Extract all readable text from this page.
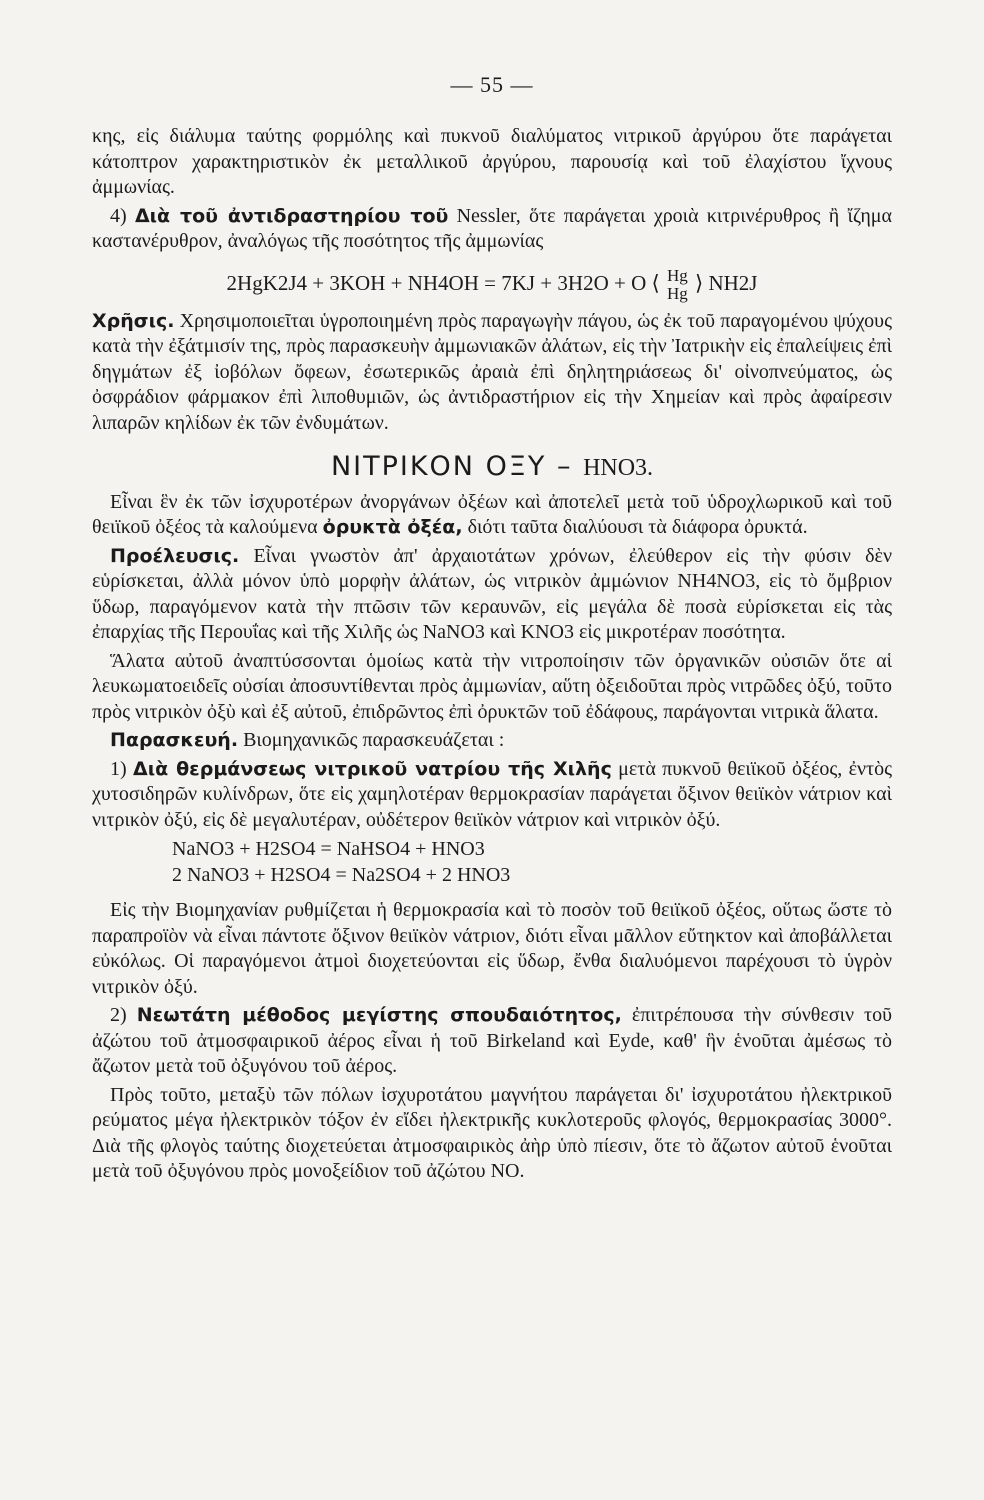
— 55 —

κης, εἰς διάλυμα ταύτης φορμόλης καὶ πυκνοῦ διαλύματος νιτρικοῦ ἀργύρου ὅτε παράγεται κάτοπτρον χαρακτηριστικὸν ἐκ μεταλλικοῦ ἀργύρου, παρουσίᾳ καὶ τοῦ ἐλαχίστου ἴχνους ἀμμωνίας.

4) Διὰ τοῦ ἀντιδραστηρίου τοῦ Nessler, ὅτε παράγεται χροιὰ κιτρινέρυθρος ἢ ἴζημα καστανέρυθρον, ἀναλόγως τῆς ποσότητος τῆς ἀμμωνίας

2HgK2J4 + 3KOH + NH4OH = 7KJ + 3H2O + O ⟨ Hg
Hg ⟩ NH2J

Χρῆσις. Χρησιμοποιεῖται ὑγροποιημένη πρὸς παραγωγὴν πάγου, ὡς ἐκ τοῦ παραγομένου ψύχους κατὰ τὴν ἐξάτμισίν της, πρὸς παρασκευὴν ἀμμωνιακῶν ἀλάτων, εἰς τὴν Ἰατρικὴν εἰς ἐπαλείψεις ἐπὶ δηγμάτων ἐξ ἰοβόλων ὄφεων, ἐσωτερικῶς ἀραιὰ ἐπὶ δηλητηριάσεως δι' οἰνοπνεύματος, ὡς ὀσφράδιον φάρμακον ἐπὶ λιποθυμιῶν, ὡς ἀντιδραστήριον εἰς τὴν Χημείαν καὶ πρὸς ἀφαίρεσιν λιπαρῶν κηλίδων ἐκ τῶν ἐνδυμάτων.

ΝΙΤΡΙΚΟΝ ΟΞΥ – HNO3.

Εἶναι ἓν ἐκ τῶν ἰσχυροτέρων ἀνοργάνων ὀξέων καὶ ἀποτελεῖ μετὰ τοῦ ὑδροχλωρικοῦ καὶ τοῦ θειϊκοῦ ὀξέος τὰ καλούμενα ὀρυκτὰ ὀξέα, διότι ταῦτα διαλύουσι τὰ διάφορα ὀρυκτά.

Προέλευσις. Εἶναι γνωστὸν ἀπ' ἀρχαιοτάτων χρόνων, ἐλεύθερον εἰς τὴν φύσιν δὲν εὑρίσκεται, ἀλλὰ μόνον ὑπὸ μορφὴν ἀλάτων, ὡς νιτρικὸν ἀμμώνιον NH4NO3, εἰς τὸ ὄμβριον ὕδωρ, παραγόμενον κατὰ τὴν πτῶσιν τῶν κεραυνῶν, εἰς μεγάλα δὲ ποσὰ εὑρίσκεται εἰς τὰς ἐπαρχίας τῆς Περουΐας καὶ τῆς Χιλῆς ὡς NaNO3 καὶ KNO3 εἰς μικροτέραν ποσότητα.

Ἅλατα αὐτοῦ ἀναπτύσσονται ὁμοίως κατὰ τὴν νιτροποίησιν τῶν ὀργανικῶν οὐσιῶν ὅτε αἱ λευκωματοειδεῖς οὐσίαι ἀποσυντίθενται πρὸς ἀμμωνίαν, αὕτη ὀξειδοῦται πρὸς νιτρῶδες ὀξύ, τοῦτο πρὸς νιτρικὸν ὀξὺ καὶ ἐξ αὐτοῦ, ἐπιδρῶντος ἐπὶ ὀρυκτῶν τοῦ ἐδάφους, παράγονται νιτρικὰ ἅλατα.

Παρασκευή. Βιομηχανικῶς παρασκευάζεται :

1) Διὰ θερμάνσεως νιτρικοῦ νατρίου τῆς Χιλῆς μετὰ πυκνοῦ θειϊκοῦ ὀξέος, ἐντὸς χυτοσιδηρῶν κυλίνδρων, ὅτε εἰς χαμηλοτέραν θερμοκρασίαν παράγεται ὄξινον θειϊκὸν νάτριον καὶ νιτρικὸν ὀξύ, εἰς δὲ μεγαλυτέραν, οὐδέτερον θειϊκὸν νάτριον καὶ νιτρικὸν ὀξύ.

NaNO3 + H2SO4 = NaHSO4 + HNO3
2 NaNO3 + H2SO4 = Na2SO4 + 2 HNO3

Εἰς τὴν Βιομηχανίαν ρυθμίζεται ἡ θερμοκρασία καὶ τὸ ποσὸν τοῦ θειϊκοῦ ὀξέος, οὕτως ὥστε τὸ παραπροϊὸν νὰ εἶναι πάντοτε ὄξινον θειϊκὸν νάτριον, διότι εἶναι μᾶλλον εὔτηκτον καὶ ἀποβάλλεται εὐκόλως. Οἱ παραγόμενοι ἀτμοὶ διοχετεύονται εἰς ὕδωρ, ἔνθα διαλυόμενοι παρέχουσι τὸ ὑγρὸν νιτρικὸν ὀξύ.

2) Νεωτάτη μέθοδος μεγίστης σπουδαιότητος, ἐπιτρέπουσα τὴν σύνθεσιν τοῦ ἀζώτου τοῦ ἀτμοσφαιρικοῦ ἀέρος εἶναι ἡ τοῦ Birkeland καὶ Eyde, καθ' ἣν ἑνοῦται ἀμέσως τὸ ἄζωτον μετὰ τοῦ ὀξυγόνου τοῦ ἀέρος.

Πρὸς τοῦτο, μεταξὺ τῶν πόλων ἰσχυροτάτου μαγνήτου παράγεται δι' ἰσχυροτάτου ἠλεκτρικοῦ ρεύματος μέγα ἠλεκτρικὸν τόξον ἐν εἴδει ἠλεκτρικῆς κυκλοτεροῦς φλογός, θερμοκρασίας 3000°. Διὰ τῆς φλογὸς ταύτης διοχετεύεται ἀτμοσφαιρικὸς ἀὴρ ὑπὸ πίεσιν, ὅτε τὸ ἄζωτον αὐτοῦ ἑνοῦται μετὰ τοῦ ὀξυγόνου πρὸς μονοξείδιον τοῦ ἀζώτου NO.
